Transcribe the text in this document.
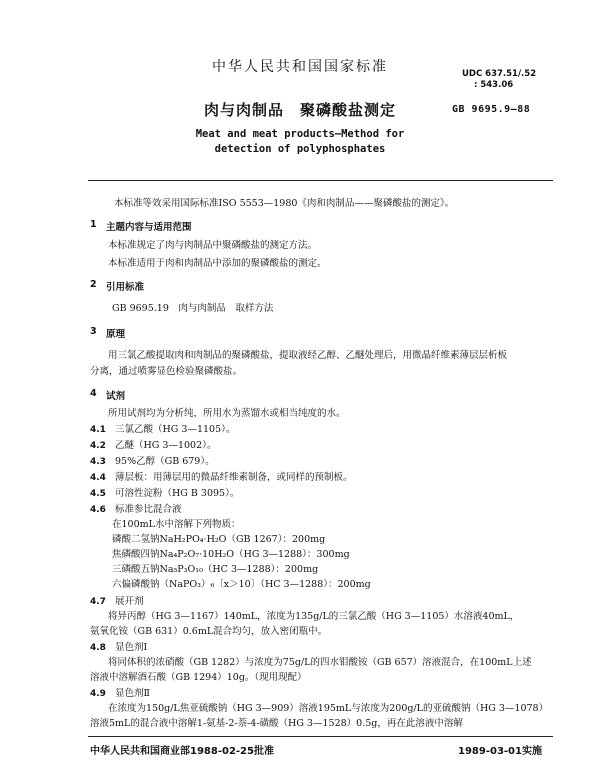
中华人民共和国国家标准	UDC 637.51/.52
: 543.06
肉与肉制品　聚磷酸盐测定	GB 9695.9—88
Meat and meat products—Method for
detection of polyphosphates
本标准等效采用国际标准ISO 5553—1980《肉和肉制品——聚磷酸盐的测定》。
1 主题内容与适用范围
本标准规定了肉与肉制品中聚磷酸盐的测定方法。
本标准适用于肉和肉制品中添加的聚磷酸盐的测定。
2 引用标准
GB 9695.19　肉与肉制品　取样方法
3 原理
用三氯乙酸提取肉和肉制品的聚磷酸盐，提取液经乙醇、乙醚处理后，用微晶纤维素薄层层析板
分离，通过喷雾显色检验聚磷酸盐。
4 试剂
所用试剂均为分析纯，所用水为蒸馏水或相当纯度的水。
4.1 三氯乙酸（HG 3—1105）。
4.2 乙醚（HG 3—1002）。
4.3 95%乙醇（GB 679）。
4.4 薄层板：用薄层用的微晶纤维素制备，或同样的预制板。
4.5 可溶性淀粉（HG B 3095）。
4.6 标准参比混合液
在100mL水中溶解下列物质：
磷酸二氢钠NaH₂PO₄·H₂O（GB 1267）：200mg
焦磷酸四钠Na₄P₂O₇·10H₂O（HG 3—1288）：300mg
三磷酸五钠Na₅P₃O₁₀（HC 3—1288）：200mg
六偏磷酸钠（NaPO₃）₆〔x＞10〕（HC 3—1288）：200mg
4.7 展开剂
将异丙醇（HG 3—1167）140mL，浓度为135g/L的三氯乙酸（HG 3—1105）水溶液40mL，
氨氧化铵（GB 631）0.6mL混合均匀，放入密闭瓶中。
4.8 显色剂Ⅰ
将同体积的浓硝酸（GB 1282）与浓度为75g/L的四水钼酸铵（GB 657）溶液混合，在100mL上述
溶液中溶解酒石酸（GB 1294）10g。（现用现配）
4.9 显色剂Ⅱ
在浓度为150g/L焦亚硫酸钠（HG 3—909）溶液195mL与浓度为200g/L的亚硫酸钠（HG 3—1078）
溶液5mL的混合液中溶解1-氨基-2-萘-4-磺酸（HG 3—1528）0.5g，再在此溶液中溶解
中华人民共和国商业部1988-02-25批准	1989-03-01实施
